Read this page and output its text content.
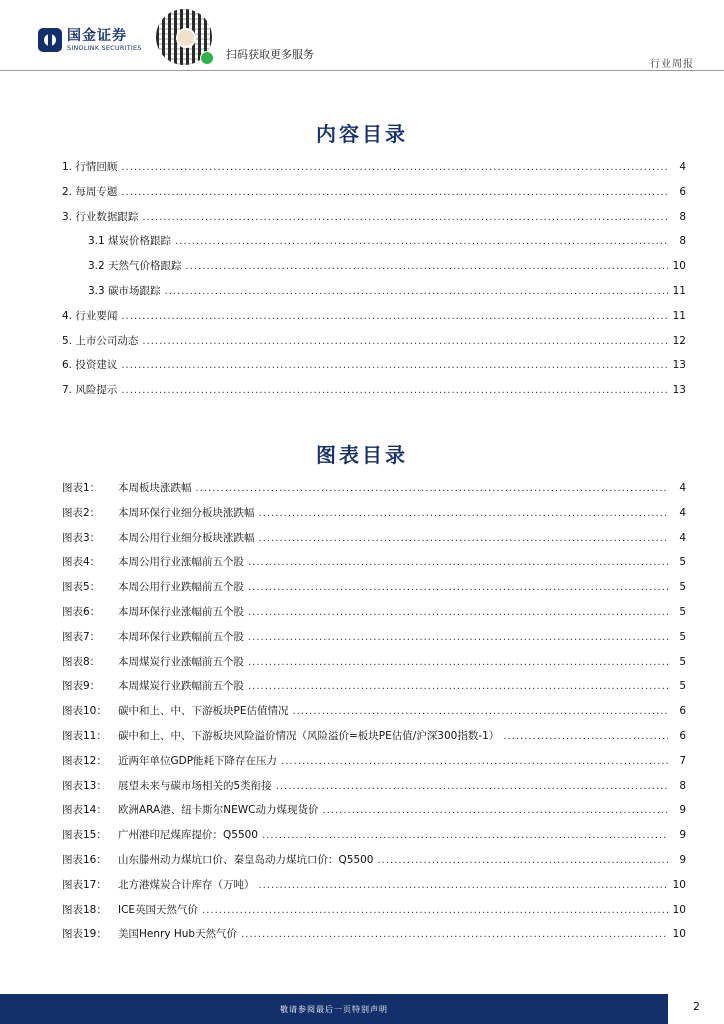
国金证券
SINOLINK SECURITIES
扫码获取更多服务
行业周报
内容目录
1. 行情回顾 .....	4
2. 每周专题 .....	6
3. 行业数据跟踪 .....	8
3.1 煤炭价格跟踪 .....	8
3.2 天然气价格跟踪 .....	10
3.3 碳市场跟踪 .....	11
4. 行业要闻 .....	11
5. 上市公司动态 .....	12
6. 投资建议 .....	13
7. 风险提示 .....	13
图表目录
图表1： 本周板块涨跌幅 .....	4
图表2： 本周环保行业细分板块涨跌幅 .....	4
图表3： 本周公用行业细分板块涨跌幅 .....	4
图表4： 本周公用行业涨幅前五个股 .....	5
图表5： 本周公用行业跌幅前五个股 .....	5
图表6： 本周环保行业涨幅前五个股 .....	5
图表7： 本周环保行业跌幅前五个股 .....	5
图表8： 本周煤炭行业涨幅前五个股 .....	5
图表9： 本周煤炭行业跌幅前五个股 .....	5
图表10： 碳中和上、中、下游板块PE估值情况 .....	6
图表11： 碳中和上、中、下游板块风险溢价情况（风险溢价=板块PE估值/沪深300指数-1） .....	6
图表12： 近两年单位GDP能耗下降存在压力 .....	7
图表13： 展望未来与碳市场相关的5类衔接 .....	8
图表14： 欧洲ARA港、纽卡斯尔NEWC动力煤现货价 .....	9
图表15： 广州港印尼煤库提价：Q5500 .....	9
图表16： 山东滕州动力煤坑口价、秦皇岛动力煤坑口价：Q5500 .....	9
图表17： 北方港煤炭合计库存（万吨） .....	10
图表18： ICE英国天然气价 .....	10
图表19： 美国Henry Hub天然气价 .....	10
敬请参阅最后一页特别声明	2
